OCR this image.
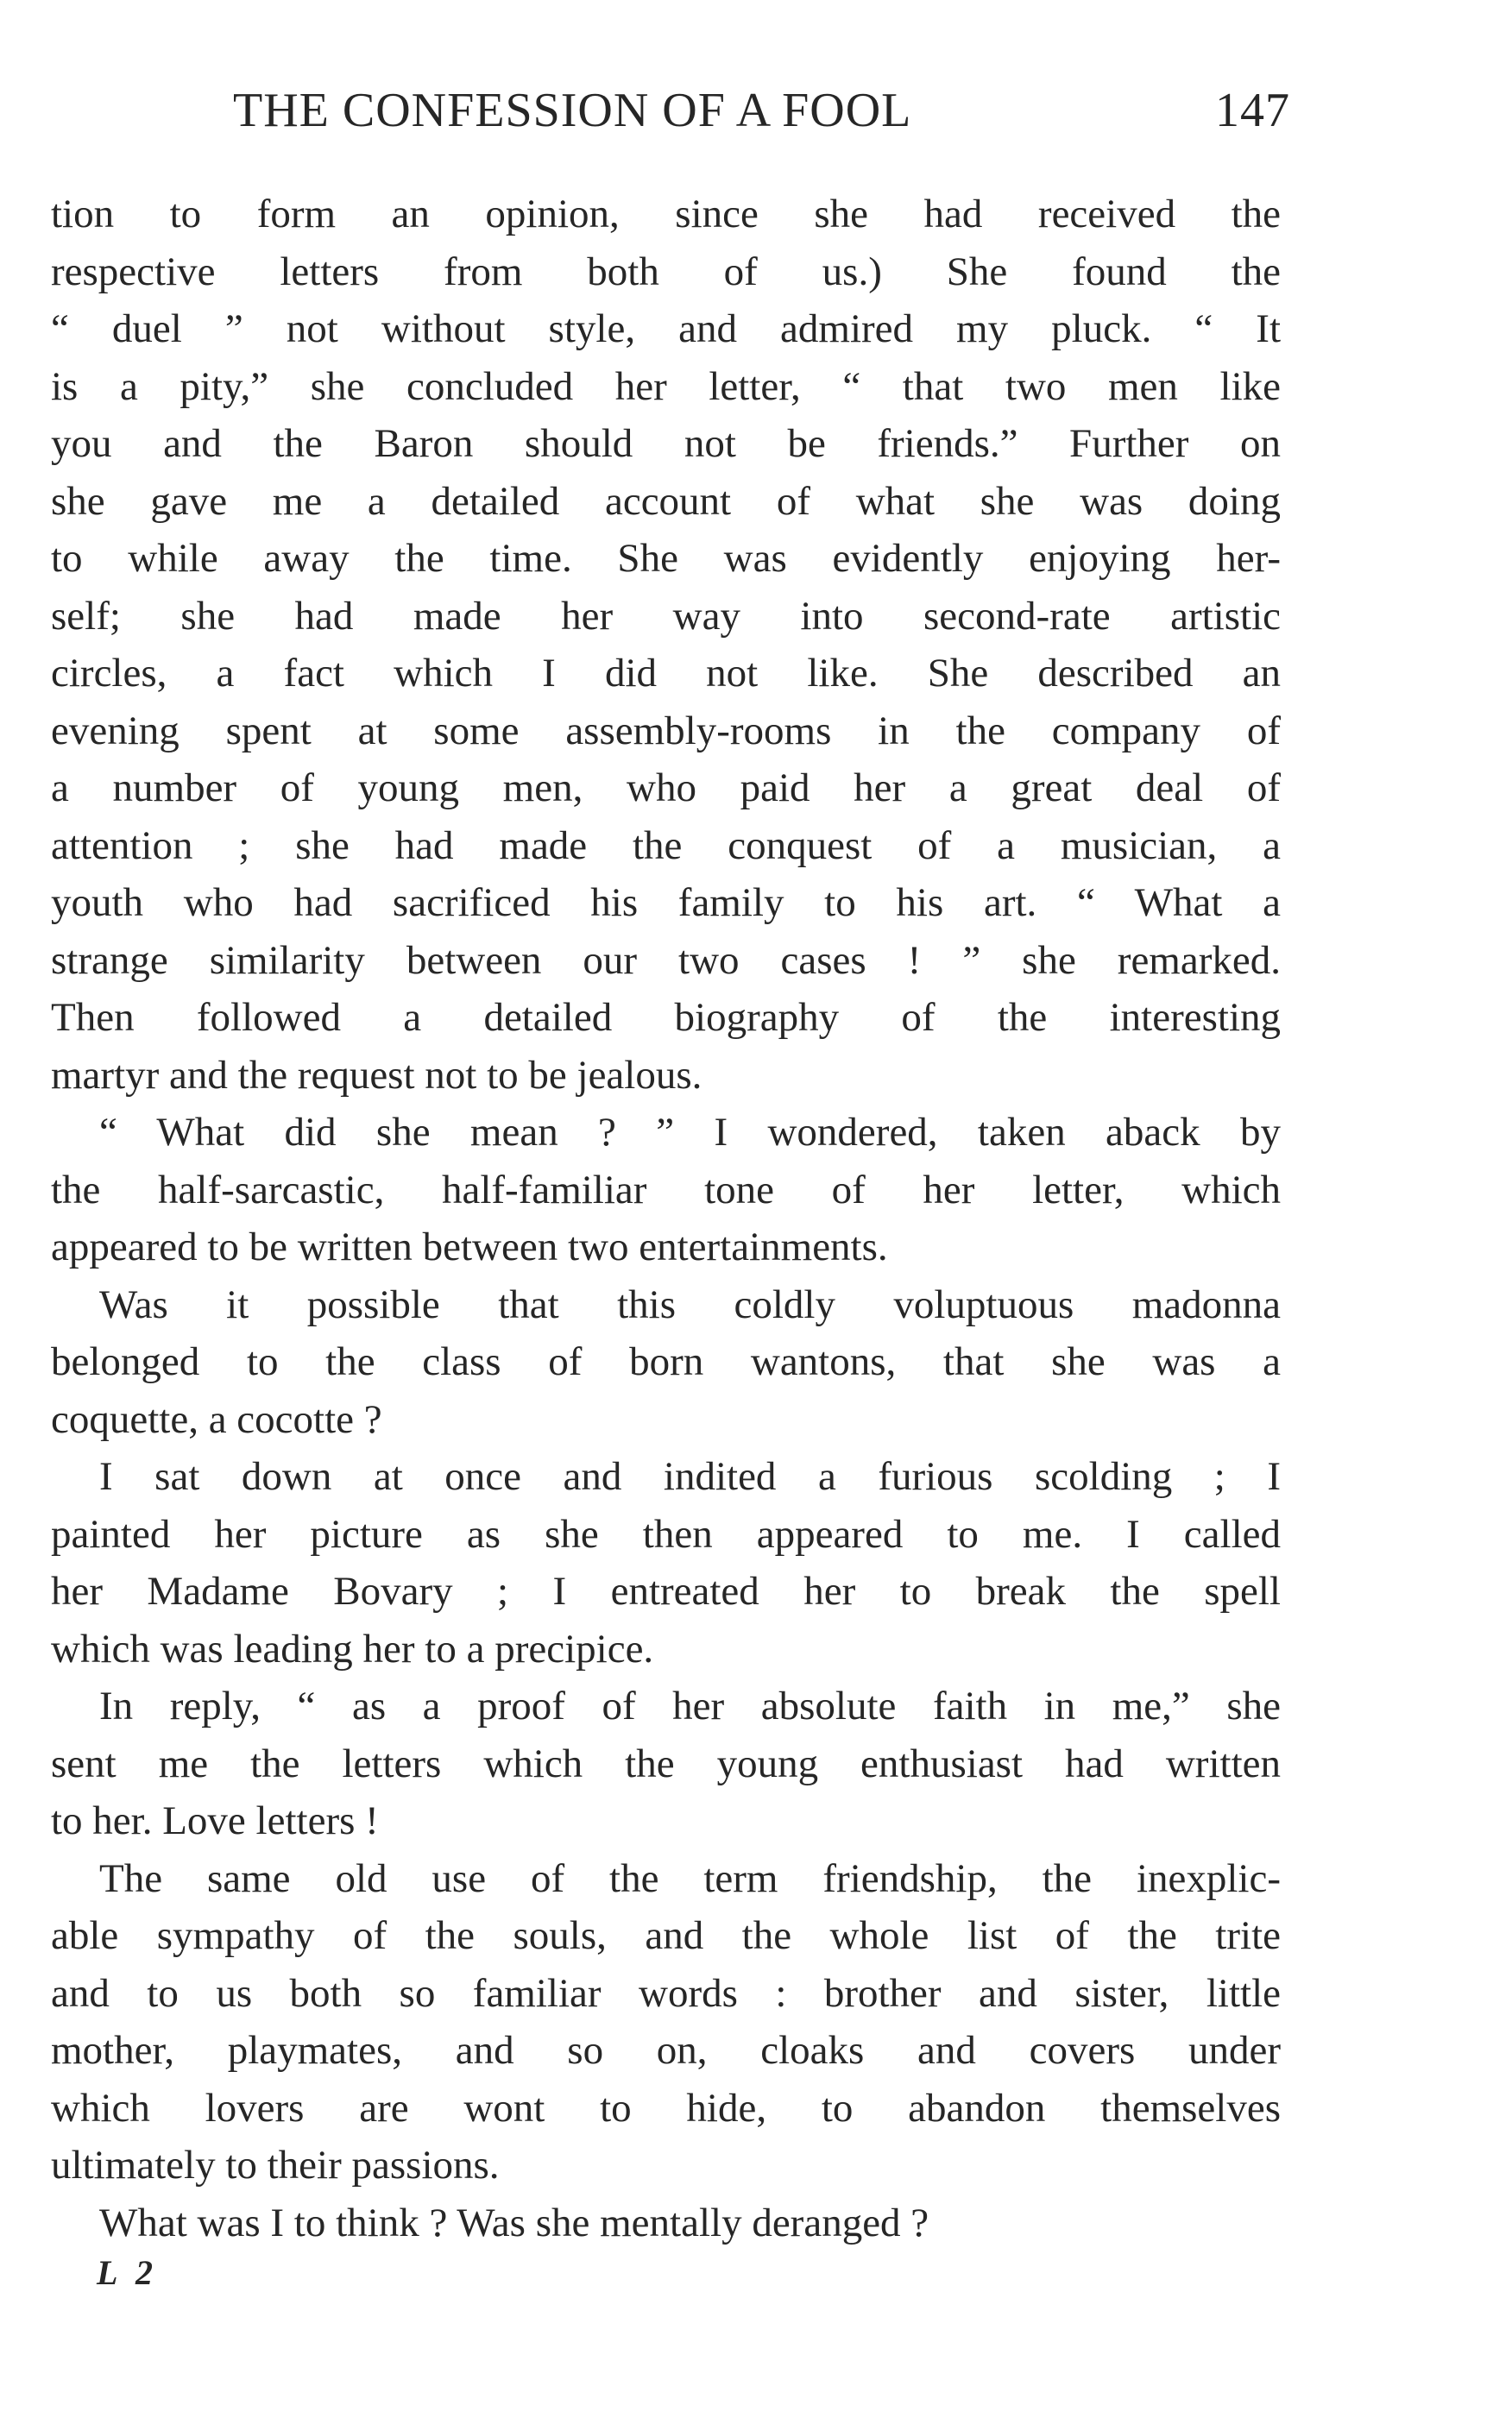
THE CONFESSION OF A FOOL	147
tion to form an opinion, since she had received the
respective letters from both of us.) She found the
“ duel ” not without style, and admired my pluck. “ It
is a pity,” she concluded her letter, “ that two men like
you and the Baron should not be friends.” Further on
she gave me a detailed account of what she was doing
to while away the time. She was evidently enjoying her-
self; she had made her way into second-rate artistic
circles, a fact which I did not like. She described an
evening spent at some assembly-rooms in the company of
a number of young men, who paid her a great deal of
attention ; she had made the conquest of a musician, a
youth who had sacrificed his family to his art. “ What a
strange similarity between our two cases ! ” she remarked.
Then followed a detailed biography of the interesting
martyr and the request not to be jealous.
“ What did she mean ? ” I wondered, taken aback by
the half-sarcastic, half-familiar tone of her letter, which
appeared to be written between two entertainments.
Was it possible that this coldly voluptuous madonna
belonged to the class of born wantons, that she was a
coquette, a cocotte ?
I sat down at once and indited a furious scolding ; I
painted her picture as she then appeared to me. I called
her Madame Bovary ; I entreated her to break the spell
which was leading her to a precipice.
In reply, “ as a proof of her absolute faith in me,” she
sent me the letters which the young enthusiast had written
to her. Love letters !
The same old use of the term friendship, the inexplic-
able sympathy of the souls, and the whole list of the trite
and to us both so familiar words : brother and sister, little
mother, playmates, and so on, cloaks and covers under
which lovers are wont to hide, to abandon themselves
ultimately to their passions.
What was I to think ? Was she mentally deranged ?
L 2
